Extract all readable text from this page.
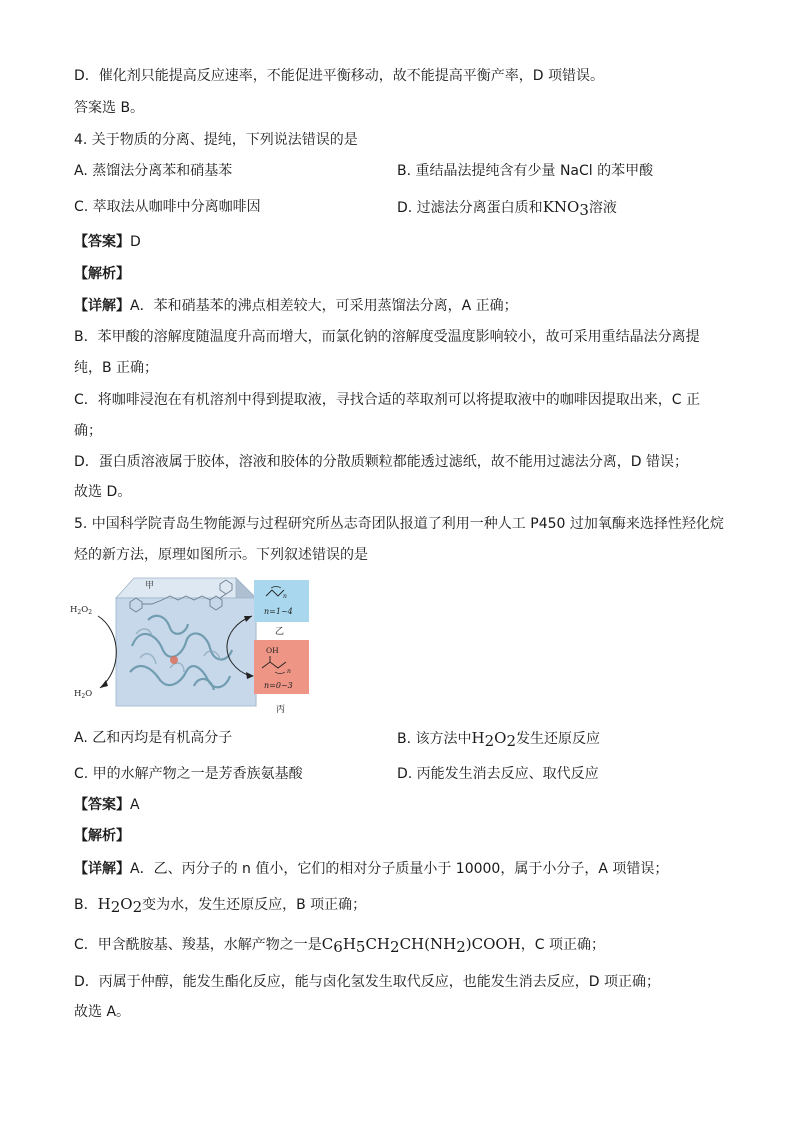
D．催化剂只能提高反应速率，不能促进平衡移动，故不能提高平衡产率，D 项错误。
答案选 B。
4. 关于物质的分离、提纯，下列说法错误的是
A. 蒸馏法分离苯和硝基苯	B. 重结晶法提纯含有少量 NaCl 的苯甲酸
C. 萃取法从咖啡中分离咖啡因	D. 过滤法分离蛋白质和$KNO_3$溶液
【答案】D
【解析】
【详解】A．苯和硝基苯的沸点相差较大，可采用蒸馏法分离，A 正确；
B．苯甲酸的溶解度随温度升高而增大，而氯化钠的溶解度受温度影响较小，故可采用重结晶法分离提
纯，B 正确；
C．将咖啡浸泡在有机溶剂中得到提取液，寻找合适的萃取剂可以将提取液中的咖啡因提取出来，C 正
确；
D．蛋白质溶液属于胶体，溶液和胶体的分散质颗粒都能透过滤纸，故不能用过滤法分离，D 错误；
故选 D。
5. 中国科学院青岛生物能源与过程研究所丛志奇团队报道了利用一种人工 P450 过加氧酶来选择性羟化烷
烃的新方法，原理如图所示。下列叙述错误的是
甲
$H_2O_2$
$H_2O$
n
n=1~4
乙
OH
n
n=0~3
丙
A. 乙和丙均是有机高分子	B. 该方法中$H_2O_2$发生还原反应
C. 甲的水解产物之一是芳香族氨基酸	D. 丙能发生消去反应、取代反应
【答案】A
【解析】
【详解】A．乙、丙分子的 n 值小，它们的相对分子质量小于 10000，属于小分子，A 项错误；
B．$H_2O_2$变为水，发生还原反应，B 项正确；
C．甲含酰胺基、羧基，水解产物之一是$C_6H_5CH_2CH(NH_2)COOH$，C 项正确；
D．丙属于仲醇，能发生酯化反应，能与卤化氢发生取代反应，也能发生消去反应，D 项正确；
故选 A。
